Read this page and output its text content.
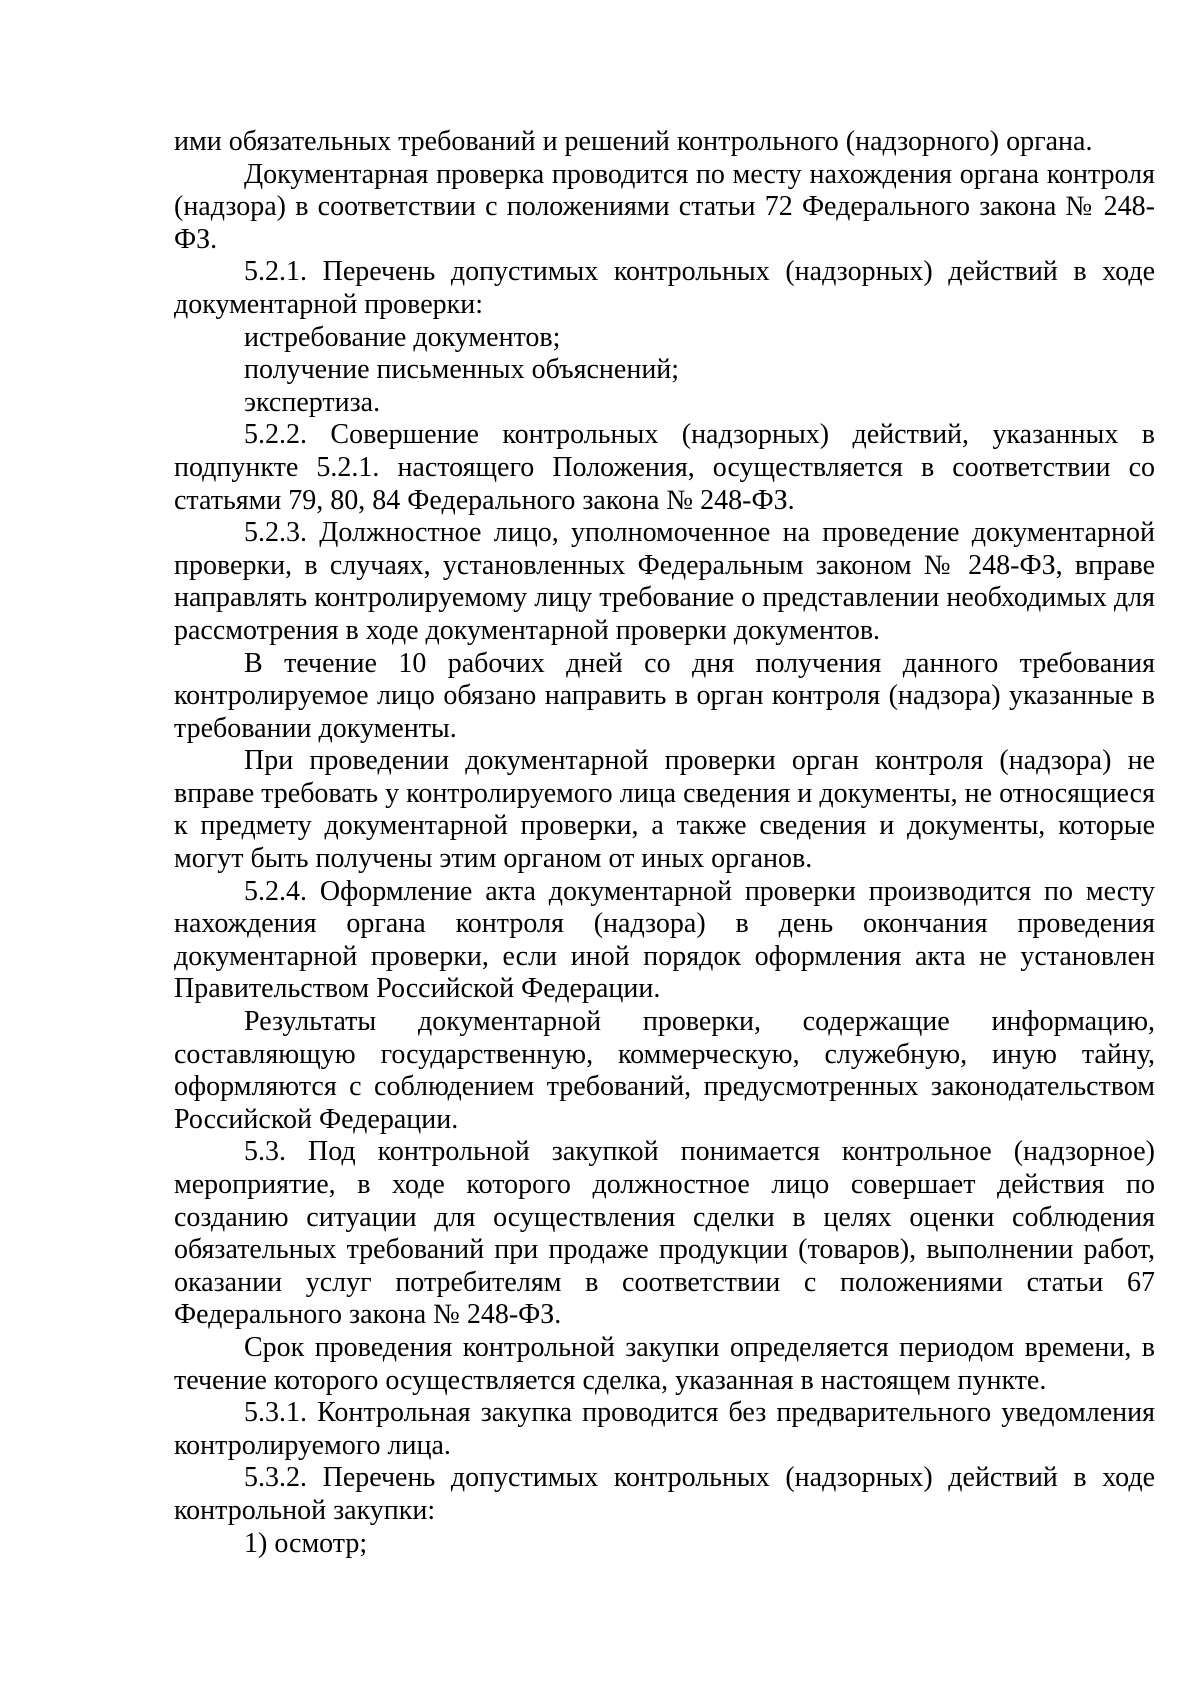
ими обязательных требований и решений контрольного (надзорного) органа.

Документарная проверка проводится по месту нахождения органа контроля (надзора) в соответствии с положениями статьи 72 Федерального закона № 248-ФЗ.

5.2.1. Перечень допустимых контрольных (надзорных) действий в ходе документарной проверки:

истребование документов;

получение письменных объяснений;

экспертиза.

5.2.2. Совершение контрольных (надзорных) действий, указанных в подпункте 5.2.1. настоящего Положения, осуществляется в соответствии со статьями 79, 80, 84 Федерального закона № 248-ФЗ.

5.2.3. Должностное лицо, уполномоченное на проведение документарной проверки, в случаях, установленных Федеральным законом № 248-ФЗ, вправе направлять контролируемому лицу требование о представлении необходимых для рассмотрения в ходе документарной проверки документов.

В течение 10 рабочих дней со дня получения данного требования контролируемое лицо обязано направить в орган контроля (надзора) указанные в требовании документы.

При проведении документарной проверки орган контроля (надзора) не вправе требовать у контролируемого лица сведения и документы, не относящиеся к предмету документарной проверки, а также сведения и документы, которые могут быть получены этим органом от иных органов.

5.2.4. Оформление акта документарной проверки производится по месту нахождения органа контроля (надзора) в день окончания проведения документарной проверки, если иной порядок оформления акта не установлен Правительством Российской Федерации.

Результаты документарной проверки, содержащие информацию, составляющую государственную, коммерческую, служебную, иную тайну, оформляются с соблюдением требований, предусмотренных законодательством Российской Федерации.

5.3. Под контрольной закупкой понимается контрольное (надзорное) мероприятие, в ходе которого должностное лицо совершает действия по созданию ситуации для осуществления сделки в целях оценки соблюдения обязательных требований при продаже продукции (товаров), выполнении работ, оказании услуг потребителям в соответствии с положениями статьи 67 Федерального закона № 248-ФЗ.

Срок проведения контрольной закупки определяется периодом времени, в течение которого осуществляется сделка, указанная в настоящем пункте.

5.3.1. Контрольная закупка проводится без предварительного уведомления контролируемого лица.

5.3.2. Перечень допустимых контрольных (надзорных) действий в ходе контрольной закупки:

1) осмотр;
